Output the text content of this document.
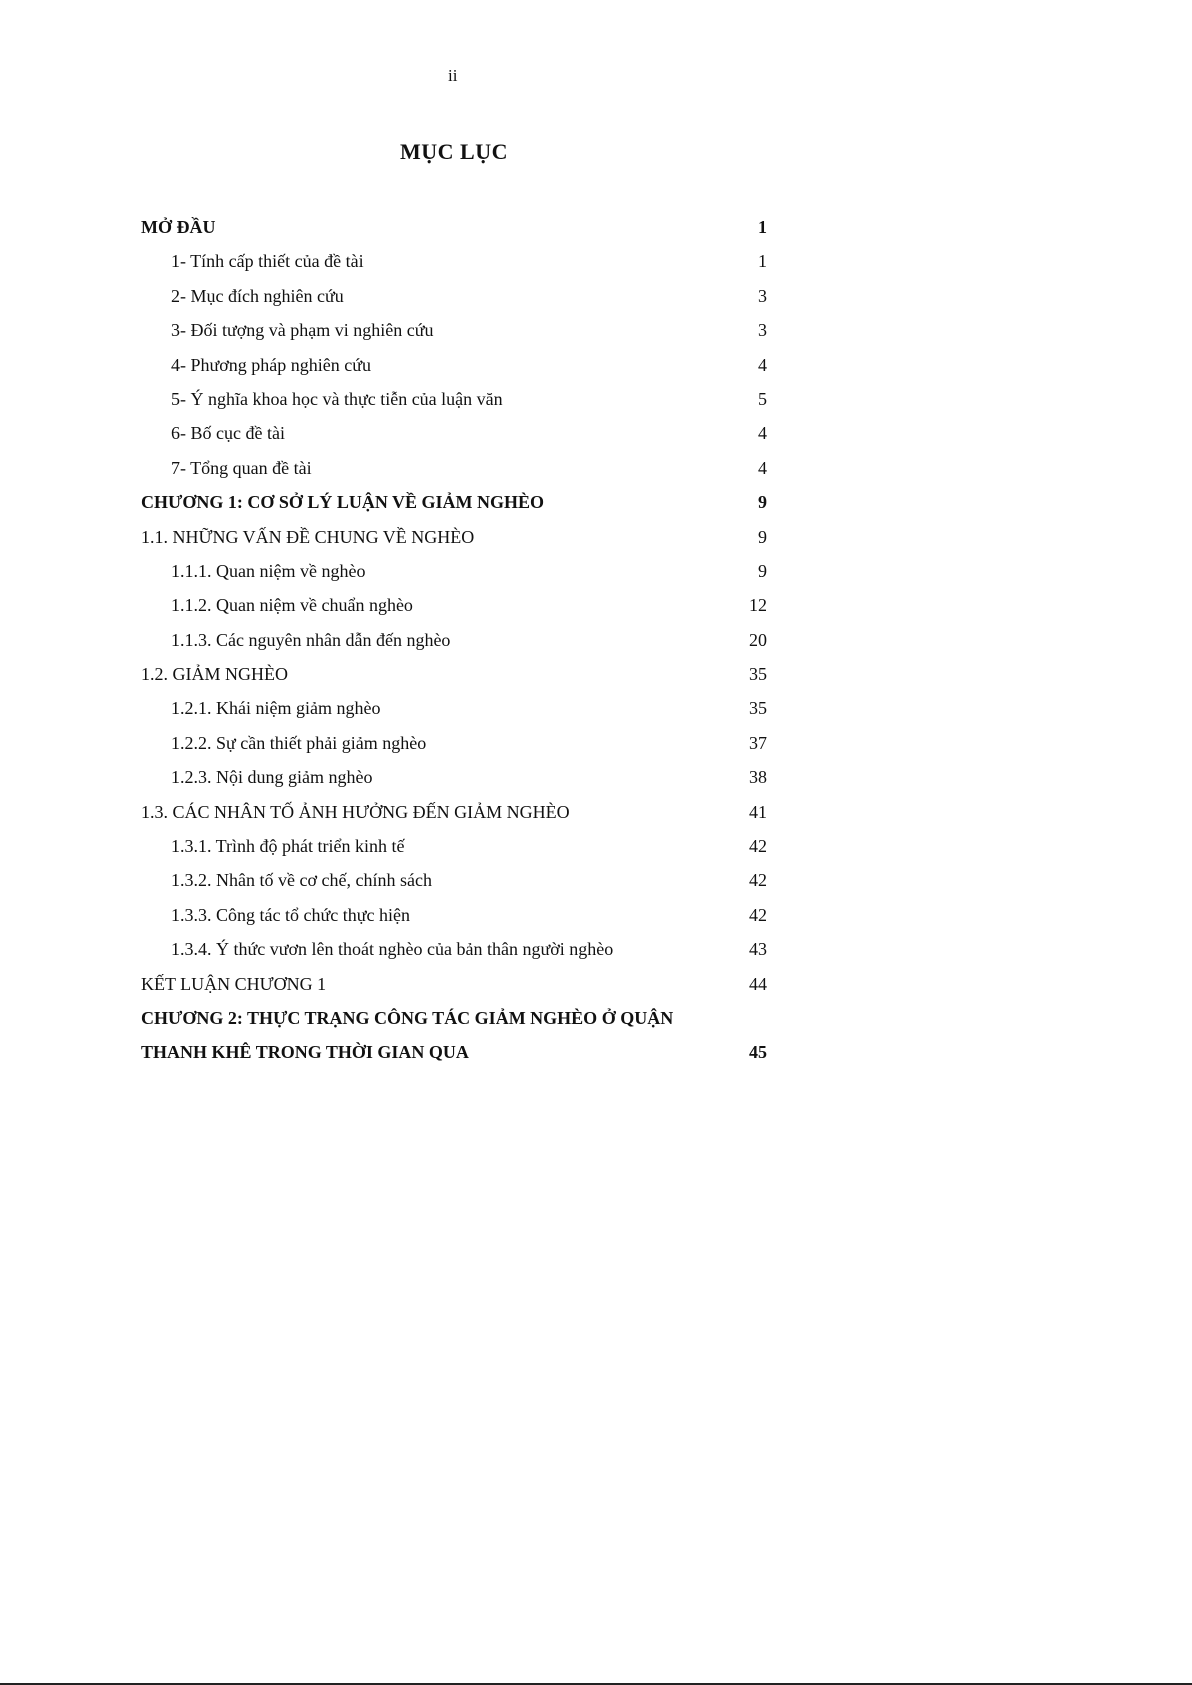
ii
MỤC LỤC
MỞ ĐẦU	1
1- Tính cấp thiết của đề tài	1
2- Mục đích nghiên cứu	3
3- Đối tượng và phạm vi nghiên cứu	3
4- Phương pháp nghiên cứu	4
5- Ý nghĩa khoa học và thực tiễn của luận văn	5
6- Bố cục đề tài	4
7- Tổng quan đề tài	4
CHƯƠNG 1: CƠ SỞ LÝ LUẬN VỀ GIẢM NGHÈO	9
1.1. NHỮNG VẤN ĐỀ CHUNG VỀ NGHÈO	9
1.1.1. Quan niệm về nghèo	9
1.1.2. Quan niệm về chuẩn nghèo	12
1.1.3. Các nguyên nhân dẫn đến nghèo	20
1.2. GIẢM NGHÈO	35
1.2.1. Khái niệm giảm nghèo	35
1.2.2. Sự cần thiết phải giảm nghèo	37
1.2.3. Nội dung giảm nghèo	38
1.3. CÁC NHÂN TỐ ẢNH HƯỞNG ĐẾN GIẢM NGHÈO	41
1.3.1. Trình độ phát triển kinh tế	42
1.3.2. Nhân tố về cơ chế, chính sách	42
1.3.3. Công tác tổ chức thực hiện	42
1.3.4. Ý thức vươn lên thoát nghèo của bản thân người nghèo	43
KẾT LUẬN CHƯƠNG 1	44
CHƯƠNG 2: THỰC TRẠNG CÔNG TÁC GIẢM NGHÈO Ở QUẬN
THANH KHÊ TRONG THỜI GIAN QUA	45
